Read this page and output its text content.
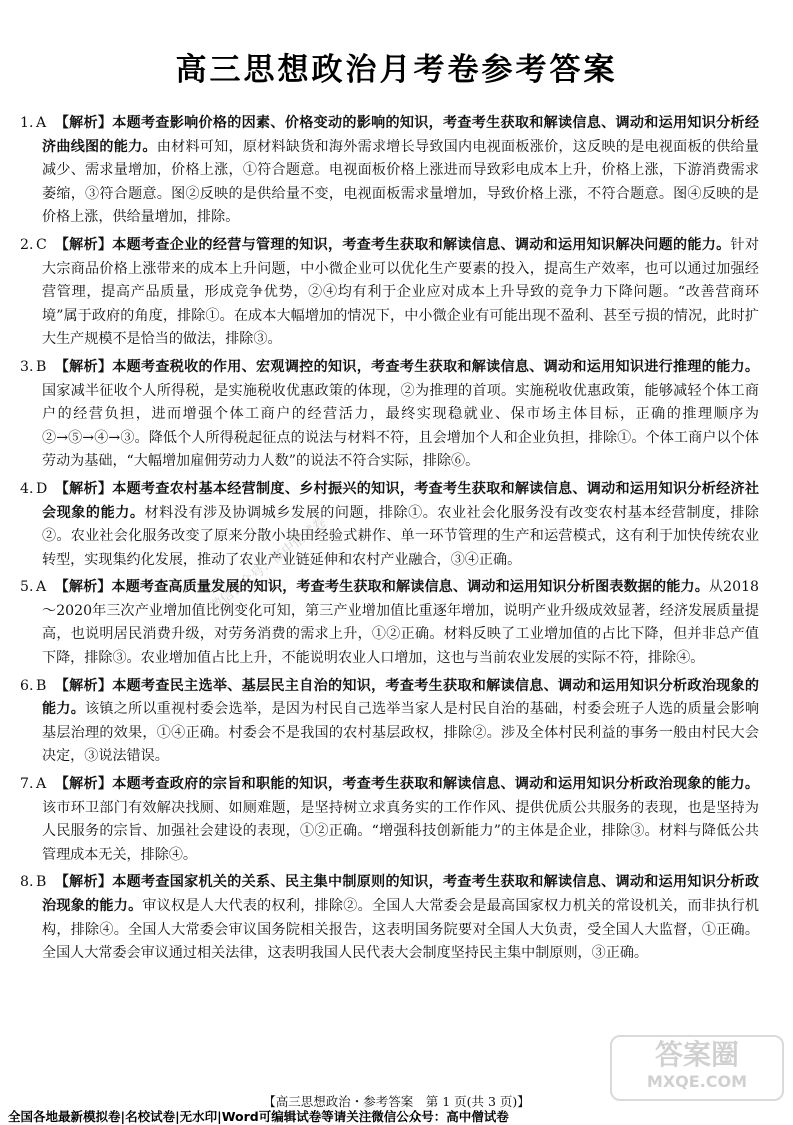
高三思想政治月考卷参考答案

1. A 【解析】本题考查影响价格的因素、价格变动的影响的知识，考查考生获取和解读信息、调动和运用知识分析经济曲线图的能力。由材料可知，原材料缺货和海外需求增长导致国内电视面板涨价，这反映的是电视面板的供给量减少、需求量增加，价格上涨，①符合题意。电视面板价格上涨进而导致彩电成本上升，价格上涨，下游消费需求萎缩，③符合题意。图②反映的是供给量不变，电视面板需求量增加，导致价格上涨，不符合题意。图④反映的是价格上涨，供给量增加，排除。

2. C 【解析】本题考查企业的经营与管理的知识，考查考生获取和解读信息、调动和运用知识解决问题的能力。针对大宗商品价格上涨带来的成本上升问题，中小微企业可以优化生产要素的投入，提高生产效率，也可以通过加强经营管理，提高产品质量，形成竞争优势，②④均有利于企业应对成本上升导致的竞争力下降问题。“改善营商环境”属于政府的角度，排除①。在成本大幅增加的情况下，中小微企业有可能出现不盈利、甚至亏损的情况，此时扩大生产规模不是恰当的做法，排除③。

3. B 【解析】本题考查税收的作用、宏观调控的知识，考查考生获取和解读信息、调动和运用知识进行推理的能力。国家减半征收个人所得税，是实施税收优惠政策的体现，②为推理的首项。实施税收优惠政策，能够减轻个体工商户的经营负担，进而增强个体工商户的经营活力，最终实现稳就业、保市场主体目标，正确的推理顺序为②→⑤→④→③。降低个人所得税起征点的说法与材料不符，且会增加个人和企业负担，排除①。个体工商户以个体劳动为基础，“大幅增加雇佣劳动力人数”的说法不符合实际，排除⑥。

4. D 【解析】本题考查农村基本经营制度、乡村振兴的知识，考查考生获取和解读信息、调动和运用知识分析经济社会现象的能力。材料没有涉及协调城乡发展的问题，排除①。农业社会化服务没有改变农村基本经营制度，排除②。农业社会化服务改变了原来分散小块田经验式耕作、单一环节管理的生产和运营模式，这有利于加快传统农业转型，实现集约化发展，推动了农业产业链延伸和农村产业融合，③④正确。

5. A 【解析】本题考查高质量发展的知识，考查考生获取和解读信息、调动和运用知识分析图表数据的能力。从2018～2020年三次产业增加值比例变化可知，第三产业增加值比重逐年增加，说明产业升级成效显著，经济发展质量提高，也说明居民消费升级，对劳务消费的需求上升，①②正确。材料反映了工业增加值的占比下降，但并非总产值下降，排除③。农业增加值占比上升，不能说明农业人口增加，这也与当前农业发展的实际不符，排除④。

6. B 【解析】本题考查民主选举、基层民主自治的知识，考查考生获取和解读信息、调动和运用知识分析政治现象的能力。该镇之所以重视村委会选举，是因为村民自己选举当家人是村民自治的基础，村委会班子人选的质量会影响基层治理的效果，①④正确。村委会不是我国的农村基层政权，排除②。涉及全体村民利益的事务一般由村民大会决定，③说法错误。

7. A 【解析】本题考查政府的宗旨和职能的知识，考查考生获取和解读信息、调动和运用知识分析政治现象的能力。该市环卫部门有效解决找厕、如厕难题，是坚持树立求真务实的工作作风、提供优质公共服务的表现，也是坚持为人民服务的宗旨、加强社会建设的表现，①②正确。“增强科技创新能力”的主体是企业，排除③。材料与降低公共管理成本无关，排除④。

8. B 【解析】本题考查国家机关的关系、民主集中制原则的知识，考查考生获取和解读信息、调动和运用知识分析政治现象的能力。审议权是人大代表的权利，排除②。全国人大常委会是最高国家权力机关的常设机关，而非执行机构，排除④。全国人大常委会审议国务院相关报告，这表明国务院要对全国人大负责，受全国人大监督，①正确。全国人大常委会审议通过相关法律，这表明我国人民代表大会制度坚持民主集中制原则，③正确。

微信公众号：高中僧试卷
答案圈
MXQE.COM
【高三思想政治・参考答案　第 1 页(共 3 页)】
全国各地最新模拟卷|名校试卷|无水印|Word可编辑试卷等请关注微信公众号：高中僧试卷
